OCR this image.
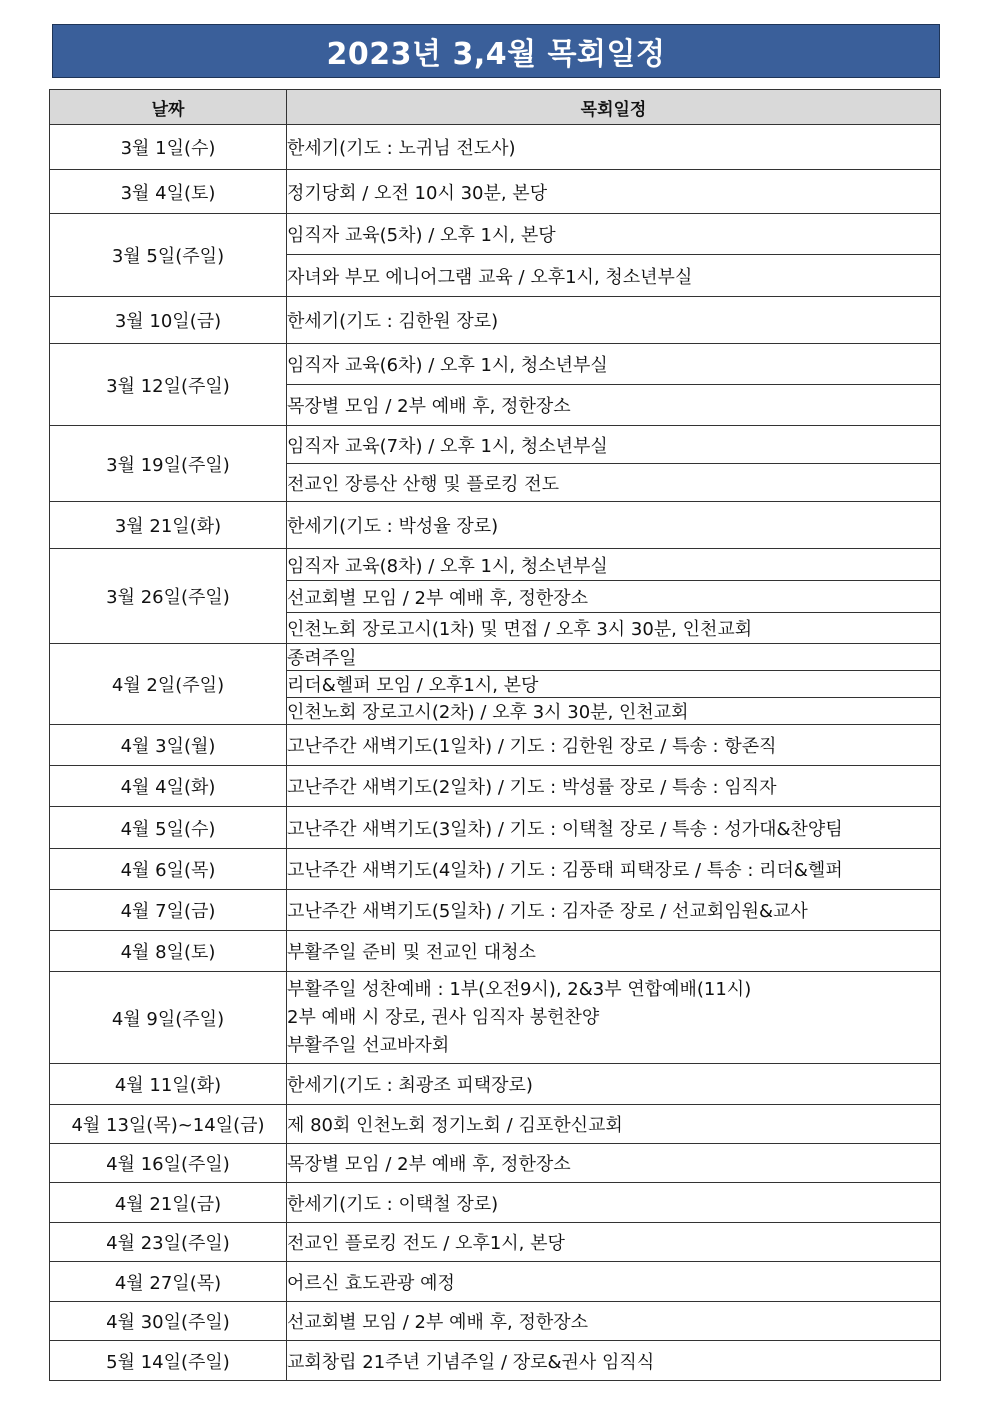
2023년 3,4월 목회일정
날짜	목회일정
3월 1일(수)	한세기(기도 : 노귀님 전도사)
3월 4일(토)	정기당회 / 오전 10시 30분, 본당
3월 5일(주일)	임직자 교육(5차) / 오후 1시, 본당
	자녀와 부모 에니어그램 교육 / 오후1시, 청소년부실
3월 10일(금)	한세기(기도 : 김한원 장로)
3월 12일(주일)	임직자 교육(6차) / 오후 1시, 청소년부실
	목장별 모임 / 2부 예배 후, 정한장소
3월 19일(주일)	임직자 교육(7차) / 오후 1시, 청소년부실
	전교인 장릉산 산행 및 플로킹 전도
3월 21일(화)	한세기(기도 : 박성율 장로)
3월 26일(주일)	임직자 교육(8차) / 오후 1시, 청소년부실
	선교회별 모임 / 2부 예배 후, 정한장소
	인천노회 장로고시(1차) 및 면접 / 오후 3시 30분, 인천교회
4월 2일(주일)	종려주일
	리더&헬퍼 모임 / 오후1시, 본당
	인천노회 장로고시(2차) / 오후 3시 30분, 인천교회
4월 3일(월)	고난주간 새벽기도(1일차) / 기도 : 김한원 장로 / 특송 : 항존직
4월 4일(화)	고난주간 새벽기도(2일차) / 기도 : 박성률 장로 / 특송 : 임직자
4월 5일(수)	고난주간 새벽기도(3일차) / 기도 : 이택철 장로 / 특송 : 성가대&찬양팀
4월 6일(목)	고난주간 새벽기도(4일차) / 기도 : 김풍태 피택장로 / 특송 : 리더&헬퍼
4월 7일(금)	고난주간 새벽기도(5일차) / 기도 : 김자준 장로 / 선교회임원&교사
4월 8일(토)	부활주일 준비 및 전교인 대청소
4월 9일(주일)	부활주일 성찬예배 : 1부(오전9시), 2&3부 연합예배(11시)
2부 예배 시 장로, 권사 임직자 봉헌찬양
부활주일 선교바자회

4월 11일(화)	한세기(기도 : 최광조 피택장로)
4월 13일(목)~14일(금)	제 80회 인천노회 정기노회 / 김포한신교회
4월 16일(주일)	목장별 모임 / 2부 예배 후, 정한장소
4월 21일(금)	한세기(기도 : 이택철 장로)
4월 23일(주일)	전교인 플로킹 전도 / 오후1시, 본당
4월 27일(목)	어르신 효도관광 예정
4월 30일(주일)	선교회별 모임 / 2부 예배 후, 정한장소
5월 14일(주일)	교회창립 21주년 기념주일 / 장로&권사 임직식
